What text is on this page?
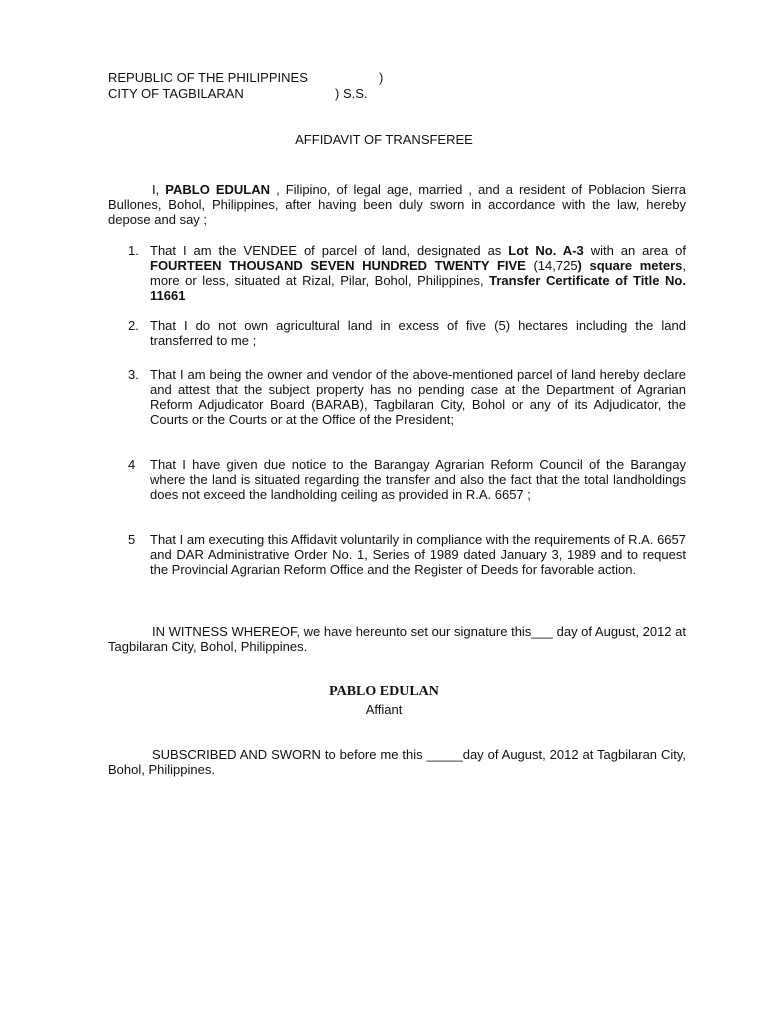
REPUBLIC OF THE PHILIPPINES	)
CITY OF TAGBILARAN	) S.S.
AFFIDAVIT OF TRANSFEREE
I, PABLO EDULAN , Filipino, of legal age, married , and a resident of Poblacion Sierra Bullones, Bohol, Philippines, after having been duly sworn in accordance with the law, hereby depose and say ;
1. That I am the VENDEE of parcel of land, designated as Lot No. A-3 with an area of FOURTEEN THOUSAND SEVEN HUNDRED TWENTY FIVE (14,725) square meters, more or less, situated at Rizal, Pilar, Bohol, Philippines, Transfer Certificate of Title No. 11661
2. That I do not own agricultural land in excess of five (5) hectares including the land transferred to me ;
3. That I am being the owner and vendor of the above-mentioned parcel of land hereby declare and attest that the subject property has no pending case at the Department of Agrarian Reform Adjudicator Board (BARAB), Tagbilaran City, Bohol or any of its Adjudicator, the Courts or the Courts or at the Office of the President;
4 That I have given due notice to the Barangay Agrarian Reform Council of the Barangay where the land is situated regarding the transfer and also the fact that the total landholdings does not exceed the landholding ceiling as provided in R.A. 6657 ;
5 That I am executing this Affidavit voluntarily in compliance with the requirements of R.A. 6657 and DAR Administrative Order No. 1, Series of 1989 dated January 3, 1989 and to request the Provincial Agrarian Reform Office and the Register of Deeds for favorable action.
IN WITNESS WHEREOF, we have hereunto set our signature this___ day of August, 2012 at Tagbilaran City, Bohol, Philippines.
PABLO EDULAN
Affiant
SUBSCRIBED AND SWORN to before me this _____day of August, 2012 at Tagbilaran City, Bohol, Philippines.
